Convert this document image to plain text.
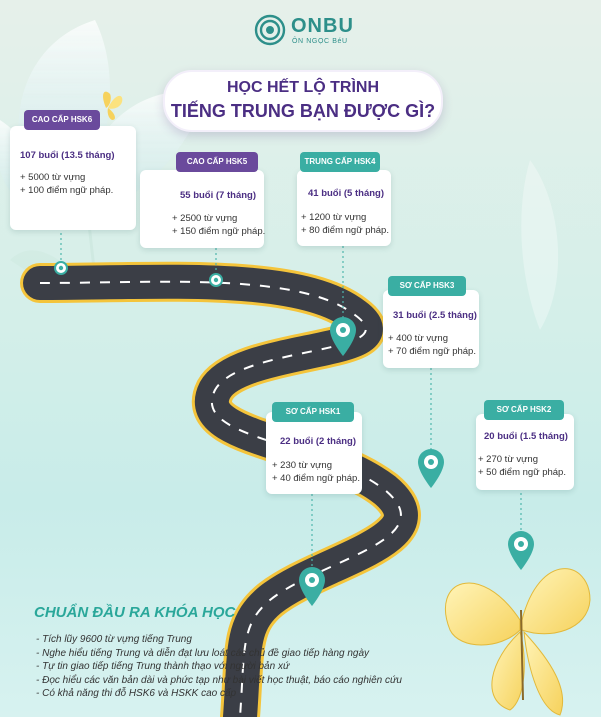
ONBU
ÔN NGỌC BéU
HỌC HẾT LỘ TRÌNH
TIẾNG TRUNG BẠN ĐƯỢC GÌ?
CAO CẤP HSK6
107 buổi (13.5 tháng)
+ 5000 từ vựng
+ 100 điểm ngữ pháp.
CAO CẤP HSK5
55 buổi (7 tháng)
+ 2500 từ vựng
+ 150 điểm ngữ pháp.
TRUNG CẤP HSK4
41 buổi (5 tháng)
+ 1200 từ vựng
+ 80 điểm ngữ pháp.
SƠ CẤP HSK3
31 buổi (2.5 tháng)
+ 400 từ vựng
+ 70 điểm ngữ pháp.
SƠ CẤP HSK1
22 buổi (2 tháng)
+ 230 từ vựng
+ 40 điểm ngữ pháp.
SƠ CẤP HSK2
20 buổi (1.5 tháng)
+ 270 từ vựng
+ 50 điểm ngữ pháp.
CHUẨN ĐẦU RA KHÓA HỌC
- Tích lũy 9600 từ vựng tiếng Trung
- Nghe hiểu tiếng Trung và diễn đạt lưu loát các chủ đề giao tiếp hàng ngày
- Tự tin giao tiếp tiếng Trung thành thạo với người bản xứ
- Đọc hiểu các văn bản dài và phức tạp như bài viết học thuật, báo cáo nghiên cứu
- Có khả năng thi đỗ HSK6 và HSKK cao cấp
